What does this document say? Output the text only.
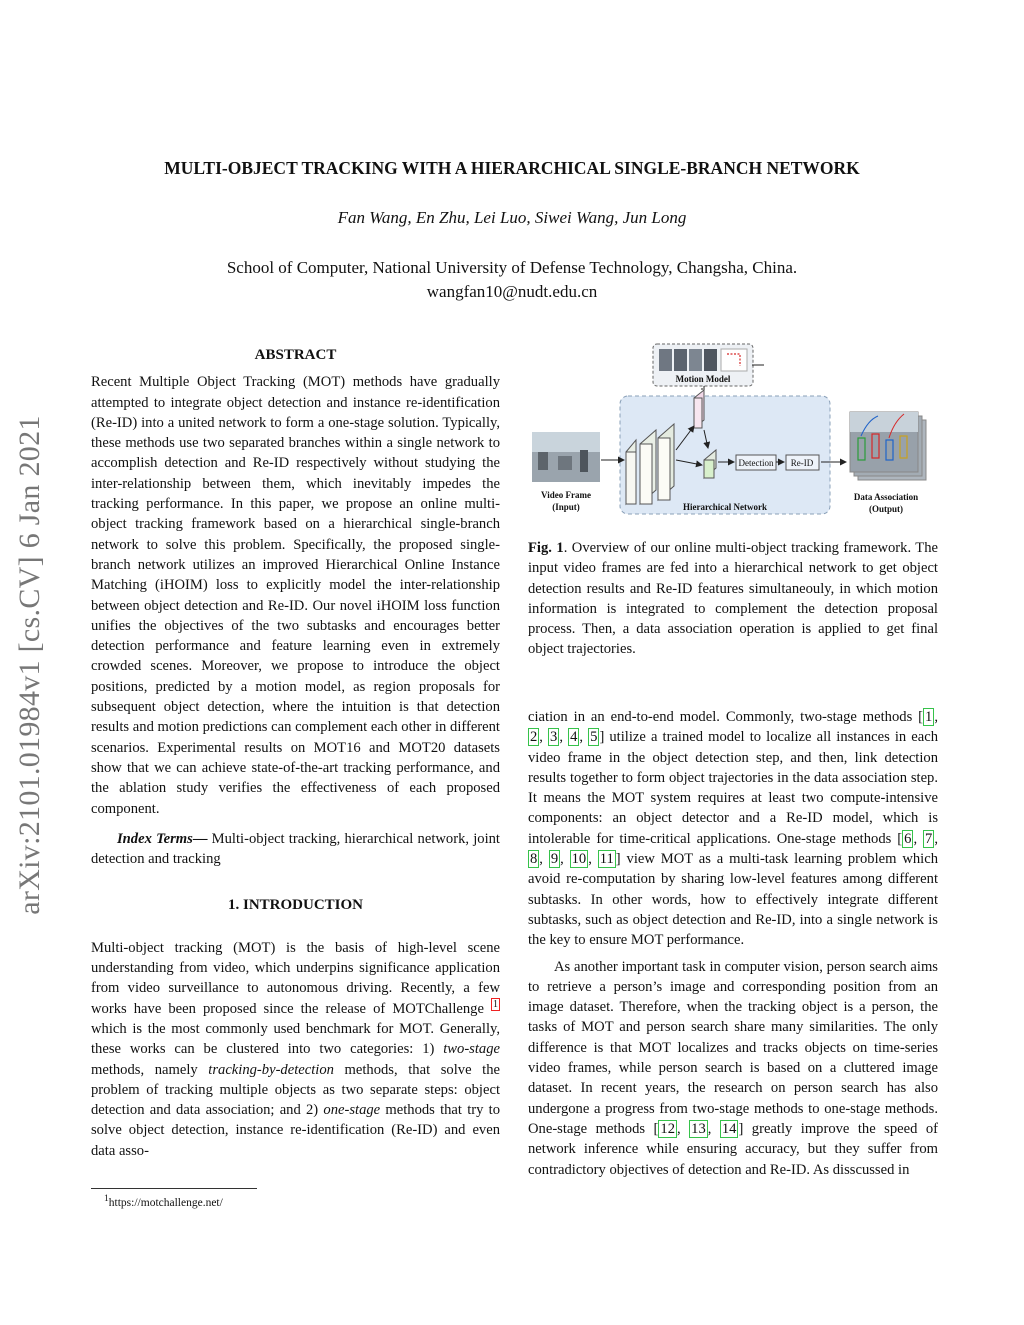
arXiv:2101.01984v1 [cs.CV] 6 Jan 2021
MULTI-OBJECT TRACKING WITH A HIERARCHICAL SINGLE-BRANCH NETWORK
Fan Wang, En Zhu, Lei Luo, Siwei Wang, Jun Long
School of Computer, National University of Defense Technology, Changsha, China.
wangfan10@nudt.edu.cn
ABSTRACT

Recent Multiple Object Tracking (MOT) methods have gradually attempted to integrate object detection and instance re-identification (Re-ID) into a united network to form a one-stage solution. Typically, these methods use two separated branches within a single network to accomplish detection and Re-ID respectively without studying the inter-relationship between them, which inevitably impedes the tracking performance. In this paper, we propose an online multi-object tracking framework based on a hierarchical single-branch network to solve this problem. Specifically, the proposed single-branch network utilizes an improved Hierarchical Online Instance Matching (iHOIM) loss to explicitly model the inter-relationship between object detection and Re-ID. Our novel iHOIM loss function unifies the objectives of the two subtasks and encourages better detection performance and feature learning even in extremely crowded scenes. Moreover, we propose to introduce the object positions, predicted by a motion model, as region proposals for subsequent object detection, where the intuition is that detection results and motion predictions can complement each other in different scenarios. Experimental results on MOT16 and MOT20 datasets show that we can achieve state-of-the-art tracking performance, and the ablation study verifies the effectiveness of each proposed component.

Index Terms— Multi-object tracking, hierarchical network, joint detection and tracking

1. INTRODUCTION

Multi-object tracking (MOT) is the basis of high-level scene understanding from video, which underpins significance application from video surveillance to autonomous driving. Recently, a few works have been proposed since the release of MOTChallenge $^1$ which is the most commonly used benchmark for MOT. Generally, these works can be clustered into two categories: 1) two-stage methods, namely tracking-by-detection methods, that solve the problem of tracking multiple objects as two separate steps: object detection and data association; and 2) one-stage methods that try to solve object detection, instance re-identification (Re-ID) and even data asso-

$^1$https://motchallenge.net/
Motion Model
Detection Re-ID
Hierarchical Network
Video Frame
(Input)
Data Association
(Output)

Fig. 1. Overview of our online multi-object tracking framework. The input video frames are fed into a hierarchical network to get object detection results and Re-ID features simultaneouly, in which motion information is integrated to complement the detection proposal process. Then, a data association operation is applied to get final object trajectories.

ciation in an end-to-end model. Commonly, two-stage methods [ 1 , 2 , 3 , 4 , 5 ] utilize a trained model to localize all instances in each video frame in the object detection step, and then, link detection results together to form object trajectories in the data association step. It means the MOT system requires at least two compute-intensive components: an object detector and a Re-ID model, which is intolerable for time-critical applications. One-stage methods [ 6 , 7 , 8 , 9 , 10 , 11 ] view MOT as a multi-task learning problem which avoid re-computation by sharing low-level features among different subtasks. In other words, how to effectively integrate different subtasks, such as object detection and Re-ID, into a single network is the key to ensure MOT performance.

As another important task in computer vision, person search aims to retrieve a person’s image and corresponding position from an image dataset. Therefore, when the tracking object is a person, the tasks of MOT and person search share many similarities. The only difference is that MOT localizes and tracks objects on time-series video frames, while person search is based on a cluttered image dataset. In recent years, the research on person search has also undergone a progress from two-stage methods to one-stage methods. One-stage methods [ 12 , 13 , 14 ] greatly improve the speed of network inference while ensuring accuracy, but they suffer from contradictory objectives of detection and Re-ID. As disscussed in
